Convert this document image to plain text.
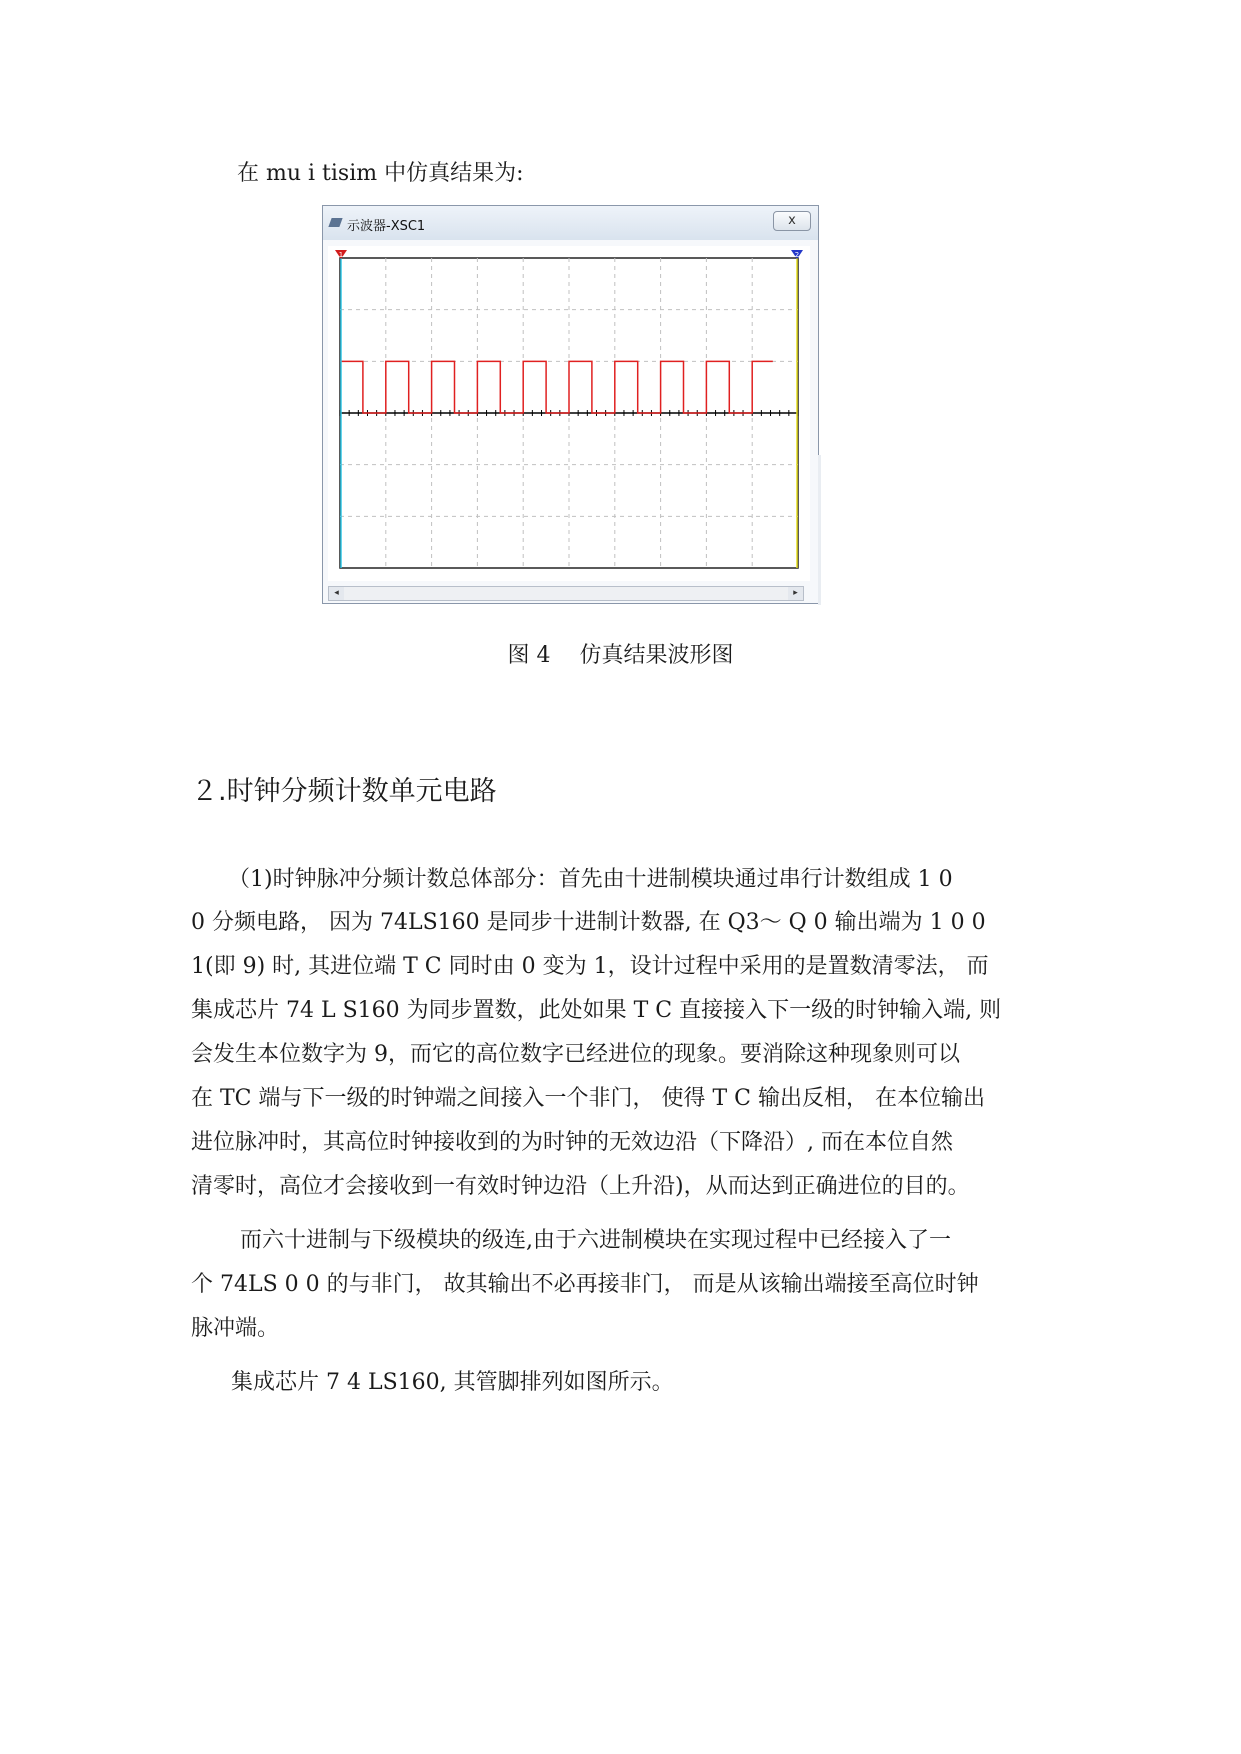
在 mu i tisim 中仿真结果为:
示波器-XSC1	ⅹ
1	2
◂	▸
图 4　 仿真结果波形图
２.时钟分频计数单元电路
（1)时钟脉冲分频计数总体部分：首先由十进制模块通过串行计数组成 1 0
0 分频电路， 因为 74LS160 是同步十进制计数器, 在 Q3～ Q 0 输出端为 1 0 0
1(即 9) 时, 其进位端 T C 同时由 0 变为 1，设计过程中采用的是置数清零法， 而
集成芯片 74 L S160 为同步置数，此处如果 T C 直接接入下一级的时钟输入端, 则
会发生本位数字为 9，而它的高位数字已经进位的现象。要消除这种现象则可以
在 TC 端与下一级的时钟端之间接入一个非门， 使得 T C 输出反相， 在本位输出
进位脉冲时，其高位时钟接收到的为时钟的无效边沿（下降沿）, 而在本位自然
清零时，高位才会接收到一有效时钟边沿（上升沿)，从而达到正确进位的目的。
而六十进制与下级模块的级连,由于六进制模块在实现过程中已经接入了一
个 74LS 0 0 的与非门， 故其输出不必再接非门， 而是从该输出端接至高位时钟
脉冲端。
集成芯片 7 4 LS160, 其管脚排列如图所示。
